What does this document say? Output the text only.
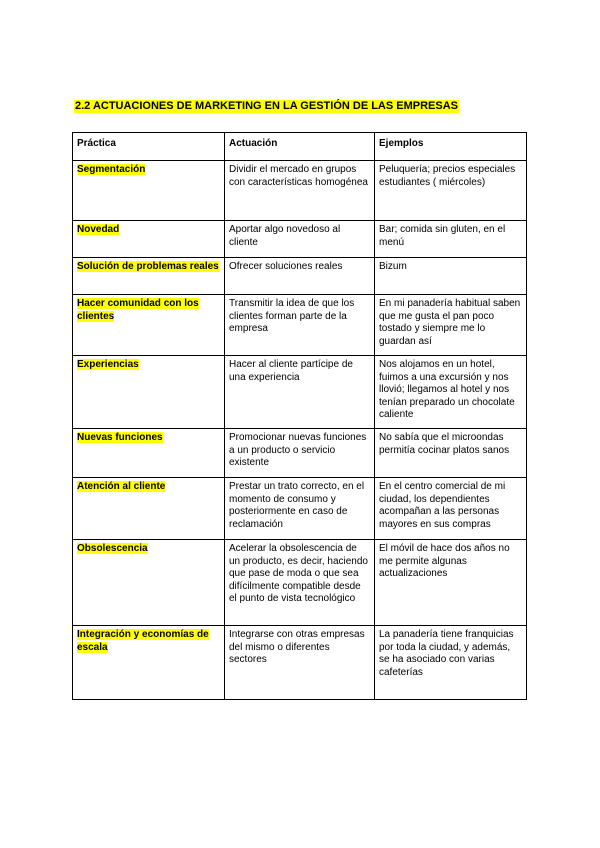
2.2 ACTUACIONES DE MARKETING EN LA GESTIÓN DE LAS EMPRESAS
Práctica	Actuación	Ejemplos
Segmentación	Dividir el mercado en grupos con características homogénea	Peluquería; precios especiales estudiantes ( miércoles)
Novedad	Aportar algo novedoso al cliente	Bar; comida sin gluten, en el menú
Solución de problemas reales	Ofrecer soluciones reales	Bizum
Hacer comunidad con los clientes	Transmitir la idea de que los clientes forman parte de la empresa	En mi panadería habitual saben que me gusta el pan poco tostado y siempre me lo guardan así
Experiencias	Hacer al cliente partícipe de una experiencia	Nos alojamos en un hotel, fuimos a una excursión y nos llovió; llegamos al hotel y nos tenían preparado un chocolate caliente
Nuevas funciones	Promocionar nuevas funciones a un producto o servicio existente	No sabía que el microondas permitía cocinar platos sanos
Atención al cliente	Prestar un trato correcto, en el momento de consumo y posteriormente en caso de reclamación	En el centro comercial de mi ciudad, los dependientes acompañan a las personas mayores en sus compras
Obsolescencia	Acelerar la obsolescencia de un producto, es decir, haciendo que pase de moda o que sea difícilmente compatible desde el punto de vista tecnológico	El móvil de hace dos años no me permite algunas actualizaciones
Integración y economías de escala	Integrarse con otras empresas del mismo o diferentes sectores	La panadería tiene franquicias por toda la ciudad, y además, se ha asociado con varias cafeterías
